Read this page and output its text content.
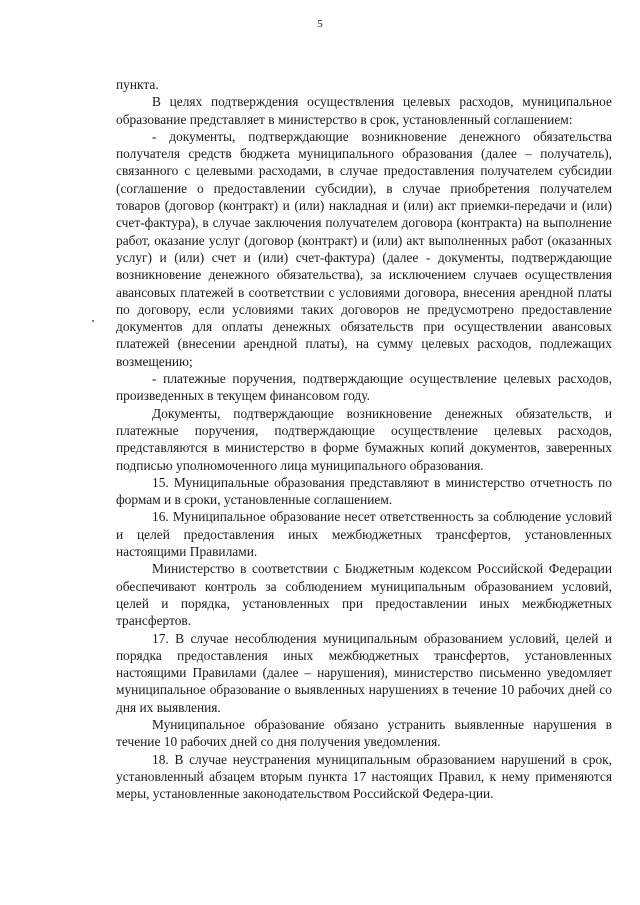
5

пункта.

В целях подтверждения осуществления целевых расходов, муниципальное образование представляет в министерство в срок, установленный соглашением:

- документы, подтверждающие возникновение денежного обязательства получателя средств бюджета муниципального образования (далее – получатель), связанного с целевыми расходами, в случае предоставления получателем субсидии (соглашение о предоставлении субсидии), в случае приобретения получателем товаров (договор (контракт) и (или) накладная и (или) акт приемки-передачи и (или) счет-фактура), в случае заключения получателем договора (контракта) на выполнение работ, оказание услуг (договор (контракт) и (или) акт выполненных работ (оказанных услуг) и (или) счет и (или) счет-фактура) (далее - документы, подтверждающие возникновение денежного обязательства), за исключением случаев осуществления авансовых платежей в соответствии с условиями договора, внесения арендной платы по договору, если условиями таких договоров не предусмотрено предоставление документов для оплаты денежных обязательств при осуществлении авансовых платежей (внесении арендной платы), на сумму целевых расходов, подлежащих возмещению;

- платежные поручения, подтверждающие осуществление целевых расходов, произведенных в текущем финансовом году.

Документы, подтверждающие возникновение денежных обязательств, и платежные поручения, подтверждающие осуществление целевых расходов, представляются в министерство в форме бумажных копий документов, заверенных подписью уполномоченного лица муниципального образования.

15. Муниципальные образования представляют в министерство отчетность по формам и в сроки, установленные соглашением.

16. Муниципальное образование несет ответственность за соблюдение условий и целей предоставления иных межбюджетных трансфертов, установленных настоящими Правилами.

Министерство в соответствии с Бюджетным кодексом Российской Федерации обеспечивают контроль за соблюдением муниципальным образованием условий, целей и порядка, установленных при предоставлении иных межбюджетных трансфертов.

17. В случае несоблюдения муниципальным образованием условий, целей и порядка предоставления иных межбюджетных трансфертов, установленных настоящими Правилами (далее – нарушения), министерство письменно уведомляет муниципальное образование о выявленных нарушениях в течение 10 рабочих дней со дня их выявления.

Муниципальное образование обязано устранить выявленные нарушения в течение 10 рабочих дней со дня получения уведомления.

18. В случае неустранения муниципальным образованием нарушений в срок, установленный абзацем вторым пункта 17 настоящих Правил, к нему применяются меры, установленные законодательством Российской Федера-ции.
